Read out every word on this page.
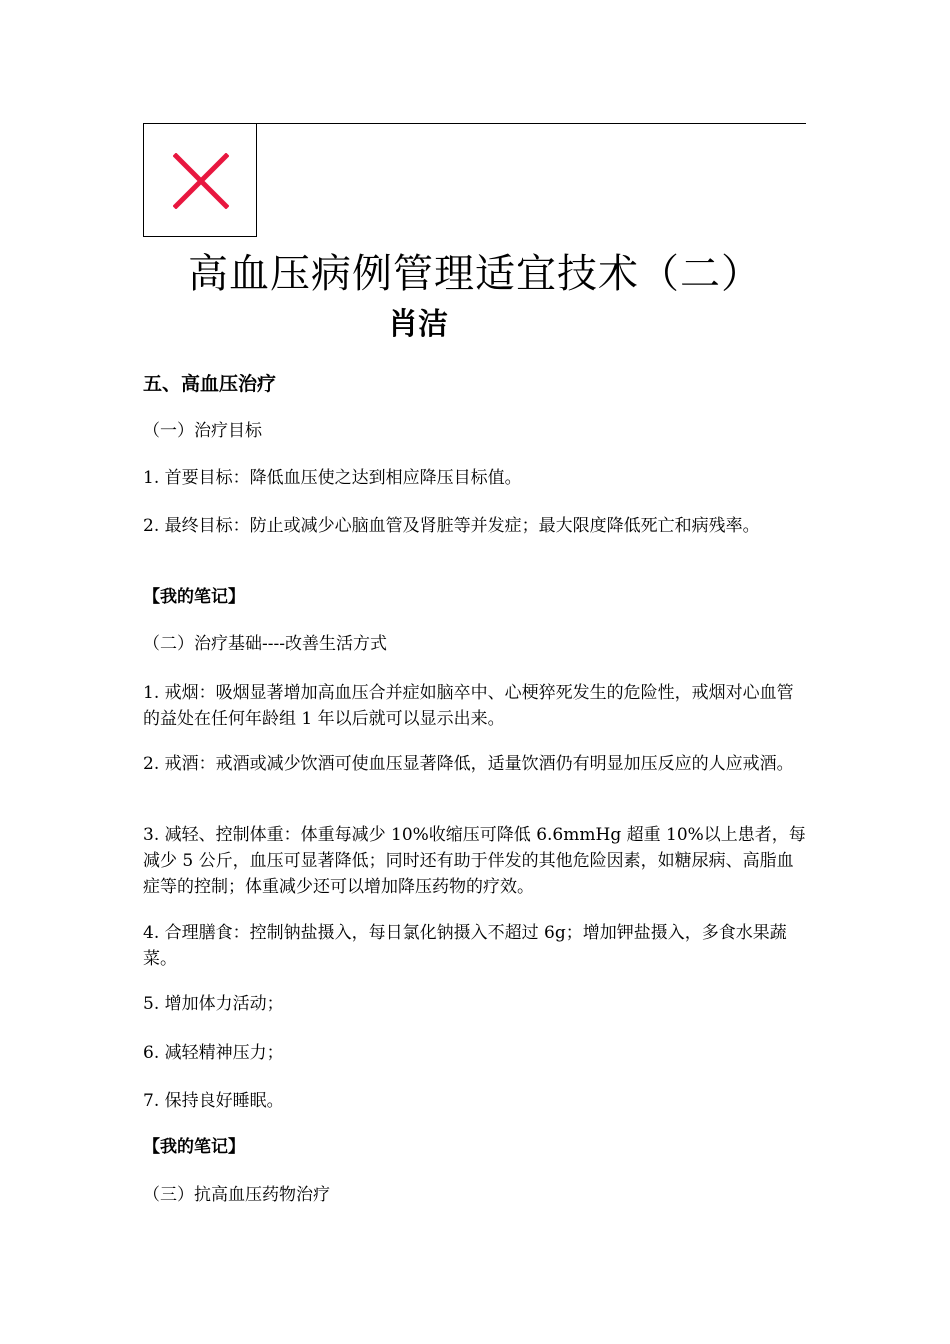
高血压病例管理适宜技术（二）
肖洁
五、高血压治疗
（一）治疗目标
1. 首要目标：降低血压使之达到相应降压目标值。
2. 最终目标：防止或减少心脑血管及肾脏等并发症；最大限度降低死亡和病残率。
【我的笔记】
（二）治疗基础----改善生活方式
1. 戒烟：吸烟显著增加高血压合并症如脑卒中、心梗猝死发生的危险性，戒烟对心血管的益处在任何年龄组 1 年以后就可以显示出来。
2. 戒酒：戒酒或减少饮酒可使血压显著降低，适量饮酒仍有明显加压反应的人应戒酒。
3. 减轻、控制体重：体重每减少 10%收缩压可降低 6.6mmHg 超重 10%以上患者，每减少 5 公斤，血压可显著降低；同时还有助于伴发的其他危险因素，如糖尿病、高脂血症等的控制；体重减少还可以增加降压药物的疗效。
4. 合理膳食：控制钠盐摄入，每日氯化钠摄入不超过 6g；增加钾盐摄入，多食水果蔬菜。
5. 增加体力活动；
6. 减轻精神压力；
7. 保持良好睡眠。
【我的笔记】
（三）抗高血压药物治疗
